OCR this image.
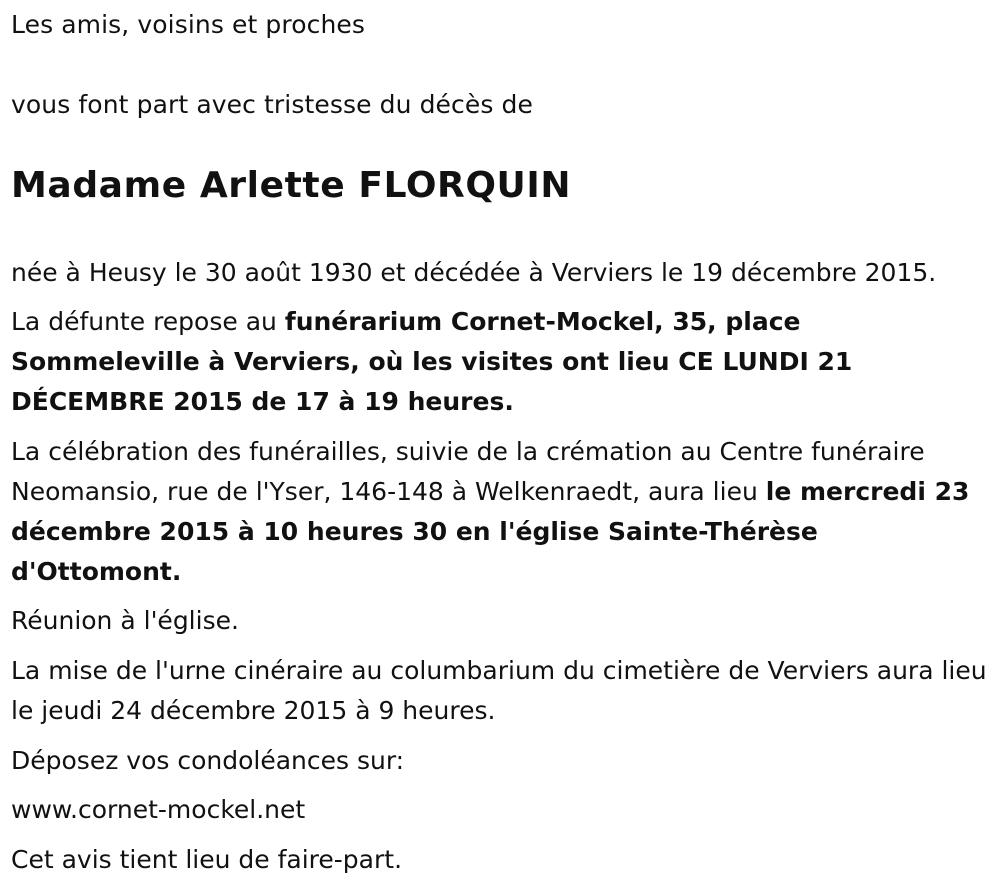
Les amis, voisins et proches

vous font part avec tristesse du décès de

Madame Arlette FLORQUIN

née à Heusy le 30 août 1930 et décédée à Verviers le 19 décembre 2015.

La défunte repose au funérarium Cornet-Mockel, 35, place Sommeleville à Verviers, où les visites ont lieu CE LUNDI 21 DÉCEMBRE 2015 de 17 à 19 heures.

La célébration des funérailles, suivie de la crémation au Centre funéraire Neomansio, rue de l'Yser, 146-148 à Welkenraedt, aura lieu le mercredi 23 décembre 2015 à 10 heures 30 en l'église Sainte-Thérèse d'Ottomont.

Réunion à l'église.

La mise de l'urne cinéraire au columbarium du cimetière de Verviers aura lieu le jeudi 24 décembre 2015 à 9 heures.

Déposez vos condoléances sur:

www.cornet-mockel.net

Cet avis tient lieu de faire-part.
